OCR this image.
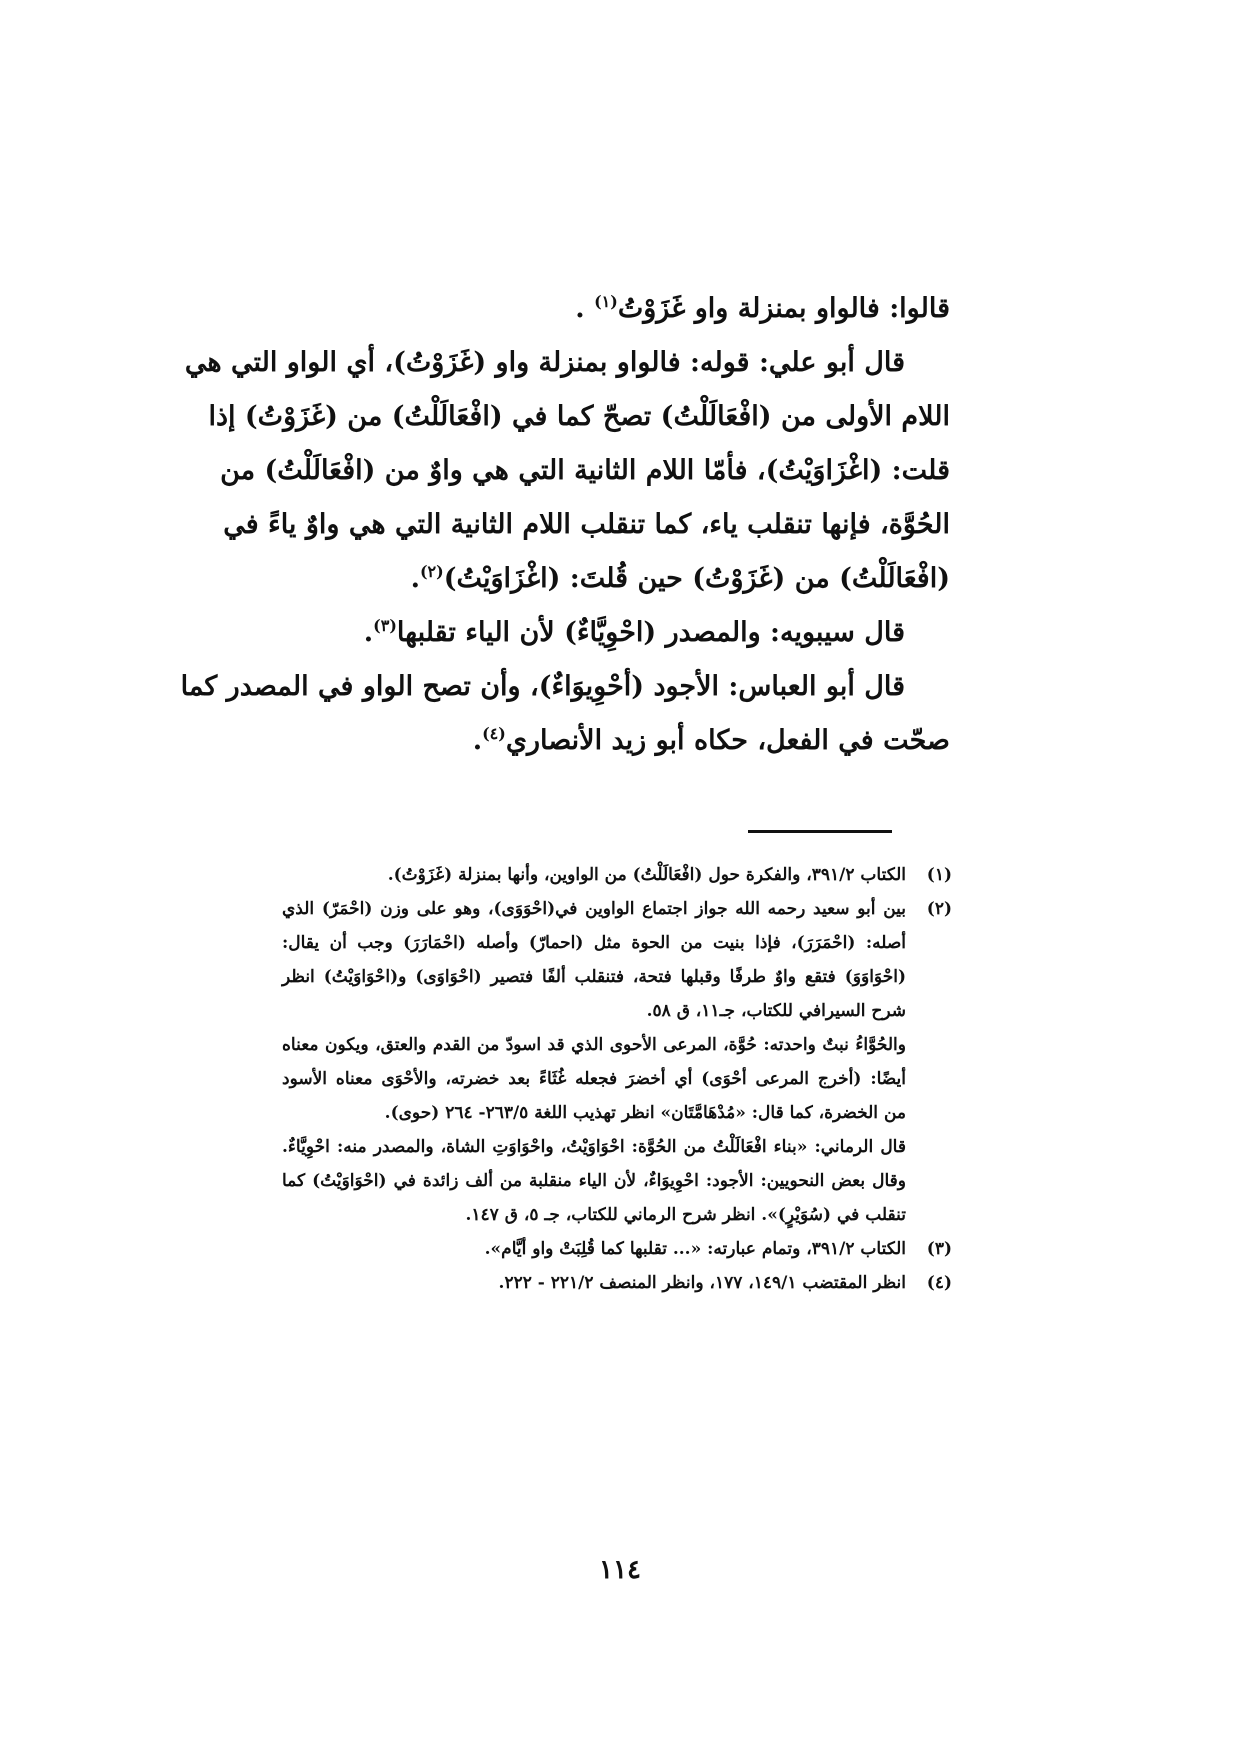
قالوا: فالواو بمنزلة واو غَزَوْتُ$^{(١)}$ .
قال أبو علي: قوله: فالواو بمنزلة واو (غَزَوْتُ)، أي الواو التي هي
اللام الأولى من (افْعَالَلْتُ) تصحّ كما في (افْعَالَلْتُ) من (غَزَوْتُ) إذا
قلت: (اغْزَاوَيْتُ)، فأمّا اللام الثانية التي هي واوٌ من (افْعَالَلْتُ) من
الحُوَّة، فإنها تنقلب ياء، كما تنقلب اللام الثانية التي هي واوٌ ياءً في
(افْعَالَلْتُ) من (غَزَوْتُ) حين قُلتَ: (اغْزَاوَيْتُ)$^{(٢)}$.
قال سيبويه: والمصدر (احْوِيَّاءٌ) لأن الياء تقلبها$^{(٣)}$.
قال أبو العباس: الأجود (أحْوِيوَاءٌ)، وأن تصح الواو في المصدر كما
صحّت في الفعل، حكاه أبو زيد الأنصاري$^{(٤)}$.
(١)
الكتاب ٣٩١/٢، والفكرة حول (افْعَالَلْتُ) من الواوين، وأنها بمنزلة (غَزَوْتُ).
(٢)
بين أبو سعيد رحمه الله جواز اجتماع الواوين في(احْوَوَى)، وهو على وزن (احْمَرّ) الذي
أصله: (احْمَرَرَ)، فإذا بنيت من الحوة مثل (احمارّ) وأصله (احْمَارَرَ) وجب أن يقال:
(احْوَاوَوَ) فتقع واوٌ طرفًا وقبلها فتحة، فتنقلب ألفًا فتصير (احْوَاوَى) و(احْوَاوَيْتُ) انظر
شرح السيرافي للكتاب، جـ١١، ق ٥٨.
والحُوَّاءُ نبتٌ واحدته: حُوَّة، المرعى الأحوى الذي قد اسودّ من القدم والعتق، ويكون معناه
أيضًا: (أخرج المرعى أحْوَى) أي أخضرَ فجعله غُثَاءً بعد خضرته، والأحْوَى معناه الأسود
من الخضرة، كما قال: «مُدْهَامَّتَان» انظر تهذيب اللغة ٢٦٣/٥- ٢٦٤ (حوى).
قال الرماني: «بناء افْعَالَلْتُ من الحُوَّة: احْوَاوَيْتُ، واحْوَاوَتِ الشاة، والمصدر منه: احْوِيَّاءٌ.
وقال بعض النحويين: الأجود: احْوِيوَاءٌ، لأن الياء منقلبة من ألف زائدة في (احْوَاوَيْتُ) كما
تنقلب في (سُوَيْرٍ)». انظر شرح الرماني للكتاب، جـ ٥، ق ١٤٧.
(٣)
الكتاب ٣٩١/٢، وتمام عبارته: «... تقلبها كما قُلِبَتْ واو أيَّام».
(٤)
انظر المقتضب ١٤٩/١، ١٧٧، وانظر المنصف ٢٢١/٢ - ٢٢٢.
١١٤
